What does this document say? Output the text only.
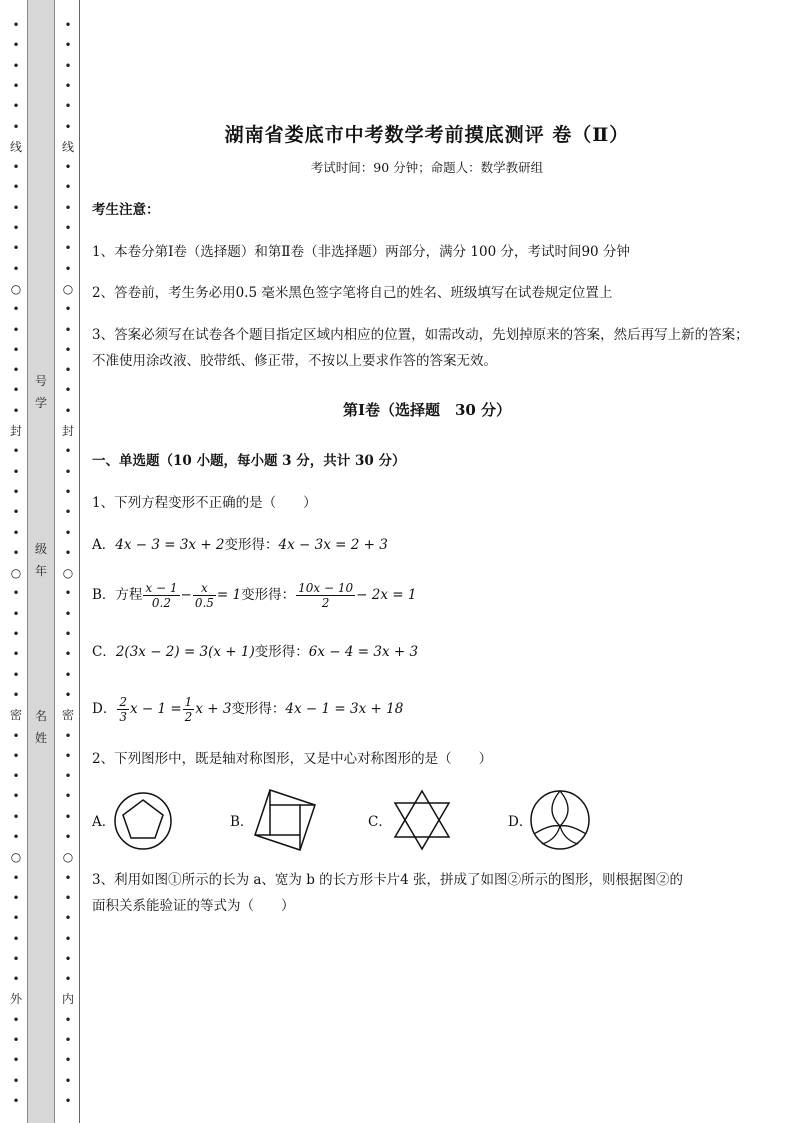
•
•
•
•
•
•
线
•
•
•
•
•
•
○
•
•
•
•
•
•
封
•
•
•
•
•
•
○
•
•
•
•
•
•
密
•
•
•
•
•
•
○
•
•
•
•
•
•
外
•
•
•
•
•
号
学
级
年
名
姓
•
•
•
•
•
•
线
•
•
•
•
•
•
○
•
•
•
•
•
•
封
•
•
•
•
•
•
○
•
•
•
•
•
•
密
•
•
•
•
•
•
○
•
•
•
•
•
•
内
•
•
•
•
•
湖南省娄底市中考数学考前摸底测评 卷（Ⅱ）
考试时间：90 分钟；命题人：数学教研组
考生注意：
1、本卷分第Ⅰ卷（选择题）和第Ⅱ卷（非选择题）两部分，满分 100 分，考试时间90 分钟
2、答卷前，考生务必用0.5 毫米黑色签字笔将自己的姓名、班级填写在试卷规定位置上
3、答案必须写在试卷各个题目指定区域内相应的位置，如需改动，先划掉原来的答案，然后再写上新的答案；不准使用涂改液、胶带纸、修正带，不按以上要求作答的答案无效。
第Ⅰ卷（选择题　30 分）
一、单选题（10 小题，每小题 3 分，共计 30 分）
1、下列方程变形不正确的是（　　）
A．4x − 3 = 3x + 2变形得：4x − 3x = 2 + 3
B．方程 $\frac{x - 1}{0.2} - \frac{x}{0.5} = 1$变形得： $\frac{10x - 10}{2} - 2x = 1$
C．2(3x − 2) = 3(x + 1)变形得：6x − 4 = 3x + 3
D． $\frac{2}{3}$ $x - 1 = \frac{1}{2}$ x + 3变形得：4x − 1 = 3x + 18
2、下列图形中，既是轴对称图形，又是中心对称图形的是（　　）
A．	B．	C．	D．
3、利用如图①所示的长为 a、宽为 b 的长方形卡片4 张，拼成了如图②所示的图形，则根据图②的
面积关系能验证的等式为（　　）
